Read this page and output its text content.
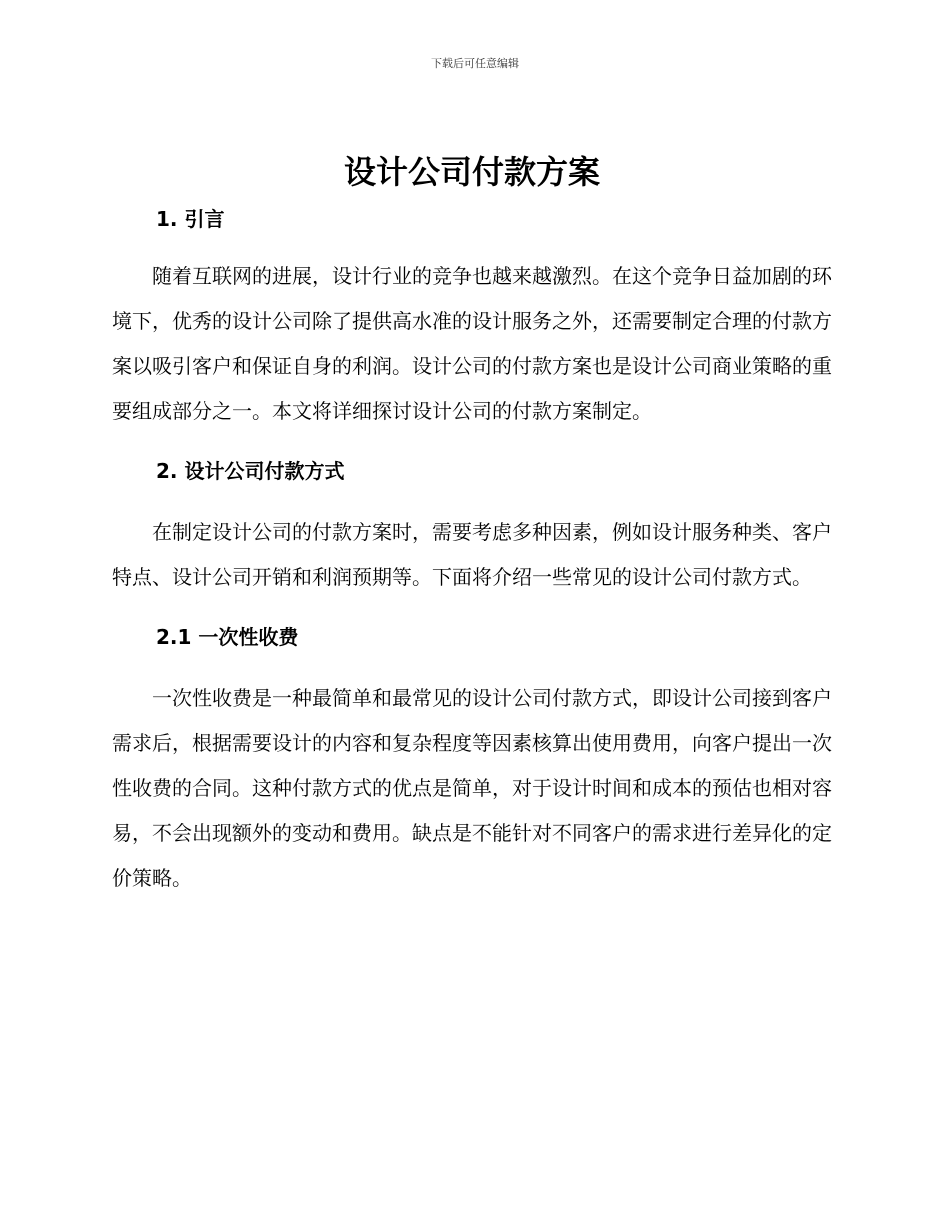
下载后可任意编辑
设计公司付款方案
1. 引言

随着互联网的进展，设计行业的竞争也越来越激烈。在这个竞争日益加剧的环境下，优秀的设计公司除了提供高水准的设计服务之外，还需要制定合理的付款方案以吸引客户和保证自身的利润。设计公司的付款方案也是设计公司商业策略的重要组成部分之一。本文将详细探讨设计公司的付款方案制定。

2. 设计公司付款方式

在制定设计公司的付款方案时，需要考虑多种因素，例如设计服务种类、客户特点、设计公司开销和利润预期等。下面将介绍一些常见的设计公司付款方式。

2.1 一次性收费

一次性收费是一种最简单和最常见的设计公司付款方式，即设计公司接到客户需求后，根据需要设计的内容和复杂程度等因素核算出使用费用，向客户提出一次性收费的合同。这种付款方式的优点是简单，对于设计时间和成本的预估也相对容易，不会出现额外的变动和费用。缺点是不能针对不同客户的需求进行差异化的定价策略。
